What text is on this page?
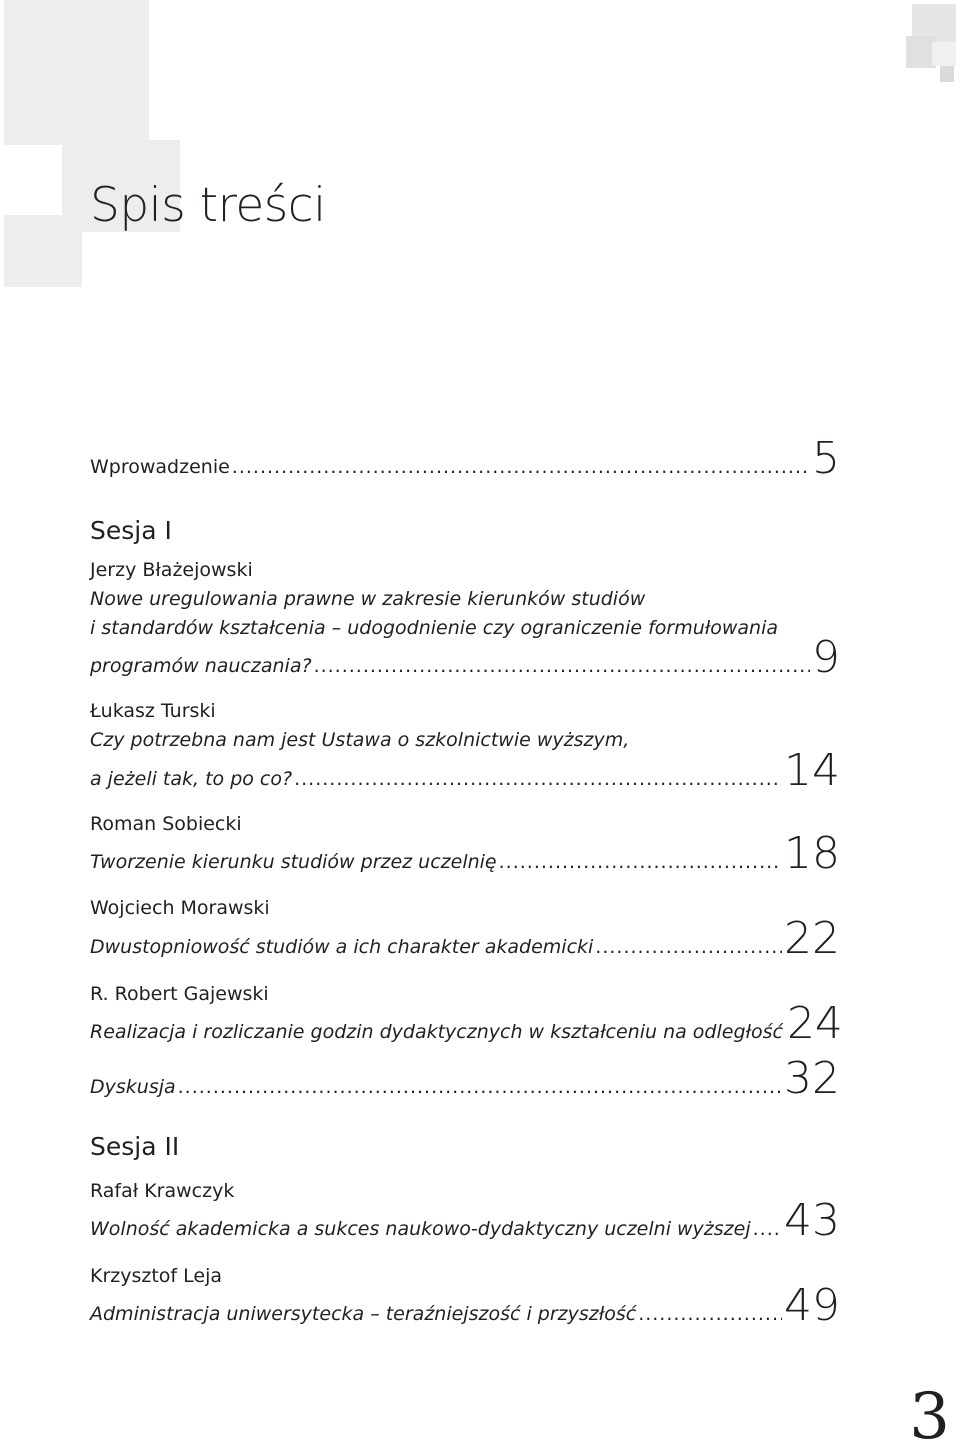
Spis treści
Wprowadzenie .....	5
Sesja I
Jerzy Błażejowski
Nowe uregulowania prawne w zakresie kierunków studiów
i standardów kształcenia – udogodnienie czy ograniczenie formułowania
programów nauczania? .....	9
Łukasz Turski
Czy potrzebna nam jest Ustawa o szkolnictwie wyższym,
a jeżeli tak, to po co? .....	14
Roman Sobiecki
Tworzenie kierunku studiów przez uczelnię .....	18
Wojciech Morawski
Dwustopniowość studiów a ich charakter akademicki .....	22
R. Robert Gajewski
Realizacja i rozliczanie godzin dydaktycznych w kształceniu na odległość 24
Dyskusja .....	32
Sesja II
Rafał Krawczyk
Wolność akademicka a sukces naukowo-dydaktyczny uczelni wyższej ..... 43
Krzysztof Leja
Administracja uniwersytecka – teraźniejszość i przyszłość .....	49
3
